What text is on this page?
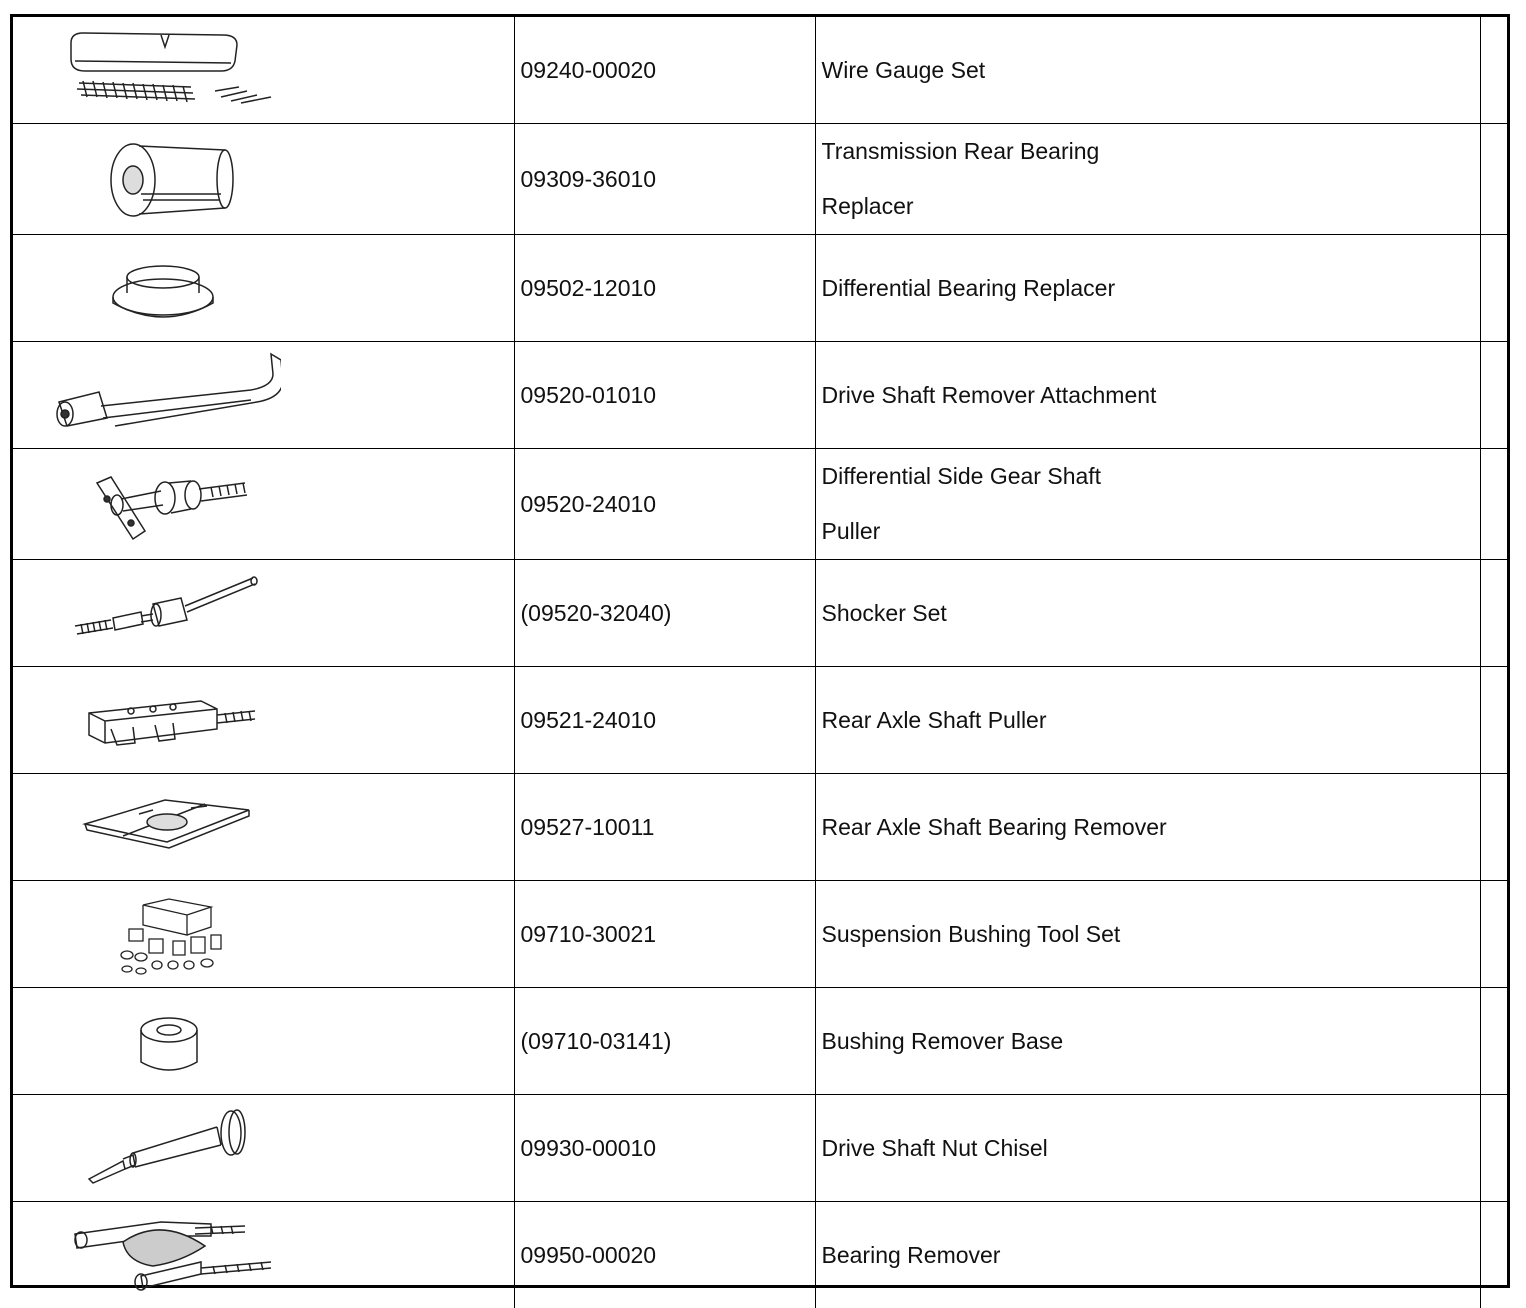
	09240-00020	Wire Gauge Set	

	09309-36010	Transmission Rear Bearing
Replacer	

	09502-12010	Differential Bearing Replacer	

	09520-01010	Drive Shaft Remover Attachment	

	09520-24010	Differential Side Gear Shaft
Puller	

	(09520-32040)	Shocker Set	

	09521-24010	Rear Axle Shaft Puller	

	09527-10011	Rear Axle Shaft Bearing Remover	

	09710-30021	Suspension Bushing Tool Set	

	(09710-03141)	Bushing Remover Base	

	09930-00010	Drive Shaft Nut Chisel	

	09950-00020	Bearing Remover	
